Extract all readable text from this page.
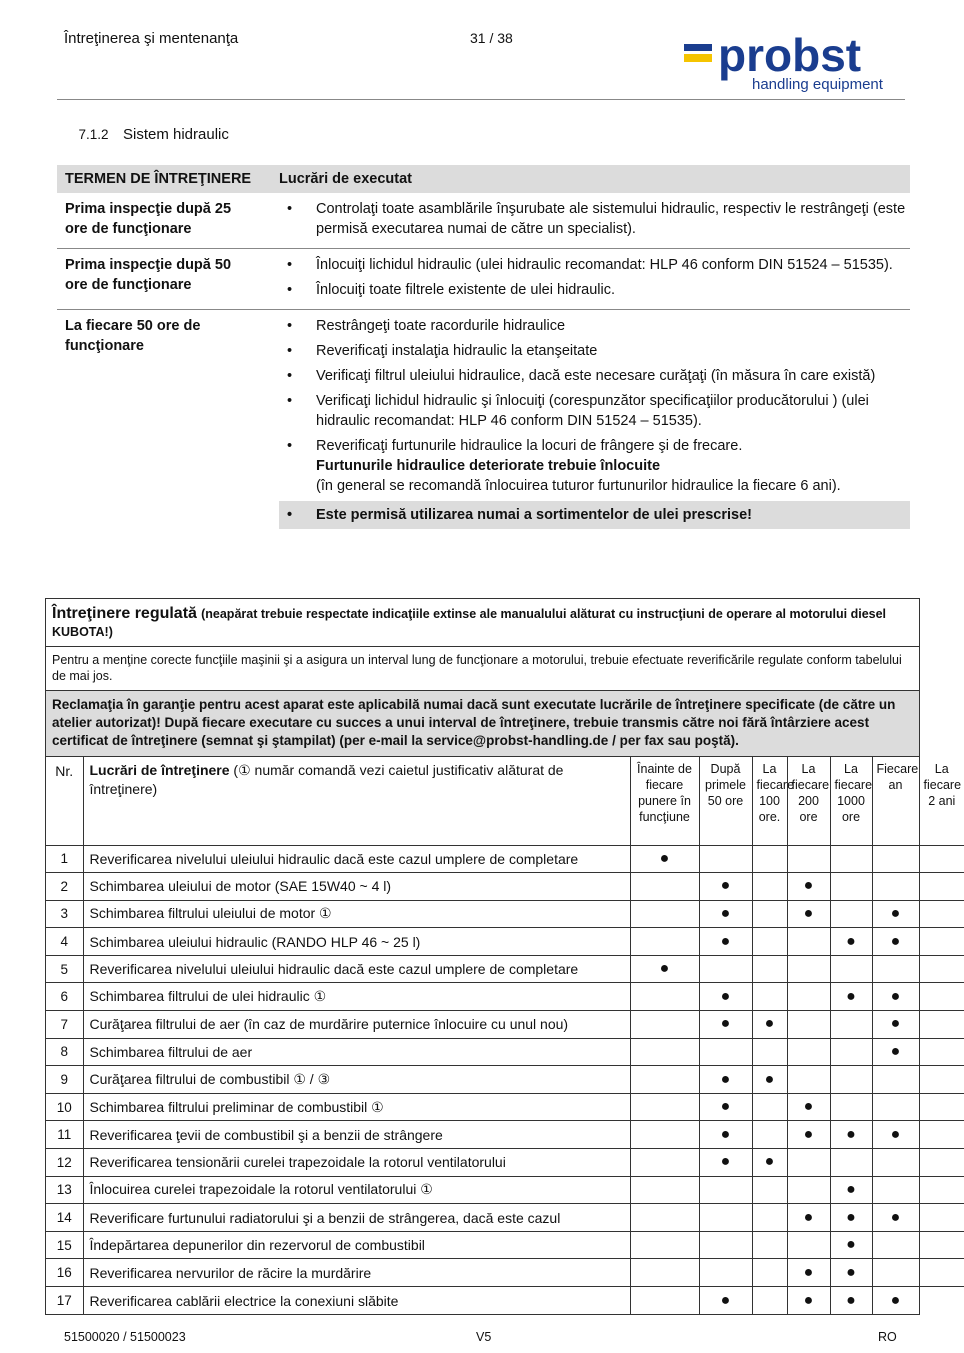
Întreţinerea şi mentenanţa	31 / 38	probst
handling equipment
7.1.2 Sistem hidraulic
TERMEN DE ÎNTREŢINERE	Lucrări de executat
Prima inspecţie după 25 ore de funcţionare
• Controlaţi toate asamblările înşurubate ale sistemului hidraulic, respectiv le restrângeţi (este permisă executarea numai de către un specialist).
Prima inspecţie după 50 ore de funcţionare
• Înlocuiţi lichidul hidraulic (ulei hidraulic recomandat: HLP 46 conform DIN 51524 – 51535).
• Înlocuiţi toate filtrele existente de ulei hidraulic.
La fiecare 50 ore de funcţionare
• Restrângeţi toate racordurile hidraulice
• Reverificaţi instalaţia hidraulic la etanşeitate
• Verificaţi filtrul uleiului hidraulice, dacă este necesare curăţaţi (în măsura în care există)
• Verificaţi lichidul hidraulic şi înlocuiţi (corespunzător specificaţiilor producătorului ) (ulei hidraulic recomandat: HLP 46 conform DIN 51524 – 51535).
• Reverificaţi furtunurile hidraulice la locuri de frângere şi de frecare.
Furtunurile hidraulice deteriorate trebuie înlocuite
(în general se recomandă înlocuirea tuturor furtunurilor hidraulice la fiecare 6 ani).
• Este permisă utilizarea numai a sortimentelor de ulei prescrise!
Întreţinere regulată (neapărat trebuie respectate indicaţiile extinse ale manualului alăturat cu instrucţiuni de operare al motorului diesel KUBOTA!)
Pentru a menţine corecte funcţiile maşinii şi a asigura un interval lung de funcţionare a motorului, trebuie efectuate reverificările regulate conform tabelului de mai jos.
Reclamaţia în garanţie pentru acest aparat este aplicabilă numai dacă sunt executate lucrările de întreţinere specificate (de către un atelier autorizat)! După fiecare executare cu succes a unui interval de întreţinere, trebuie transmis către noi fără întârziere acest certificat de întreţinere (semnat şi ştampilat) (per e-mail la service@probst-handling.de / per fax sau poştă).
Nr.	Lucrări de întreţinere (① număr comandă vezi caietul justificativ alăturat de întreţinere)	Înainte de fiecare punere în funcţiune	După primele 50 ore	La fiecare 100 ore.	La fiecare 200 ore	La fiecare 1000 ore	Fiecare an	La fiecare 2 ani
1	Reverificarea nivelului uleiului hidraulic dacă este cazul umplere de completare	●						
2	Schimbarea uleiului de motor (SAE 15W40 ~ 4 l)		●		●			
3	Schimbarea filtrului uleiului de motor ①		●		●		●	
4	Schimbarea uleiului hidraulic (RANDO HLP 46 ~ 25 l)		●			●	●	
5	Reverificarea nivelului uleiului hidraulic dacă este cazul umplere de completare	●						
6	Schimbarea filtrului de ulei hidraulic ①		●			●	●	
7	Curăţarea filtrului de aer (în caz de murdărire puternice înlocuire cu unul nou)		●	●			●	
8	Schimbarea filtrului de aer						●	
9	Curăţarea filtrului de combustibil ① / ③		●	●				
10	Schimbarea filtrului preliminar de combustibil ①		●		●			
11	Reverificarea ţevii de combustibil şi a benzii de strângere		●		●	●	●	
12	Reverificarea tensionării curelei trapezoidale la rotorul ventilatorului		●	●				
13	Înlocuirea curelei trapezoidale la rotorul ventilatorului ①					●		
14	Reverificare furtunului radiatorului şi a benzii de strângerea, dacă este cazul				●	●	●	
15	Îndepărtarea depunerilor din rezervorul de combustibil					●		
16	Reverificarea nervurilor de răcire la murdărire				●	●		
17	Reverificarea cablării electrice la conexiuni slăbite		●		●	●	●	
51500020 / 51500023	V5	RO
